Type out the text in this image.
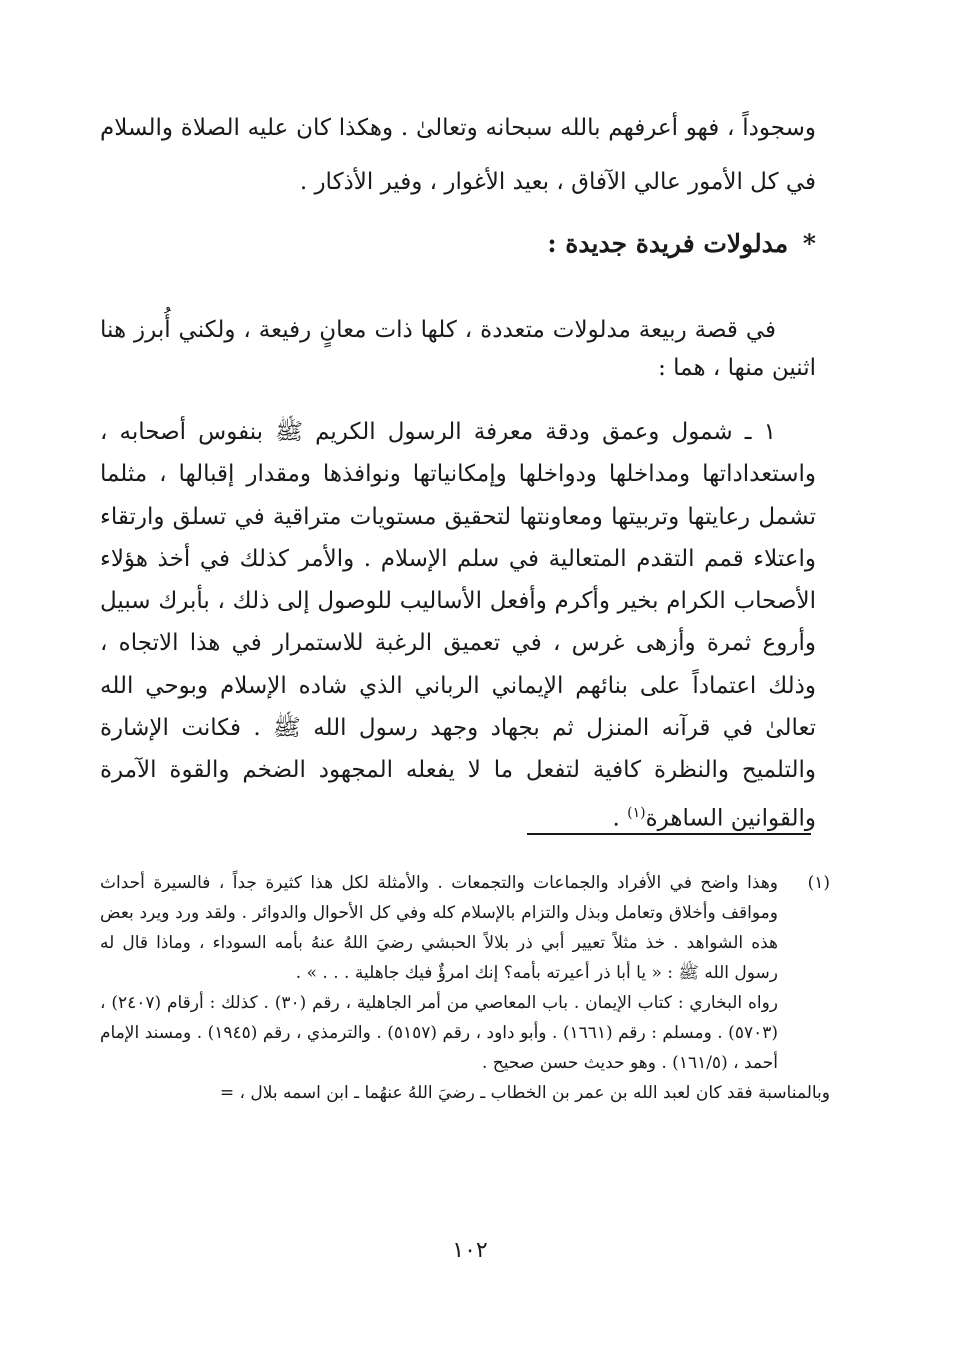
وسجوداً ، فهو أعرفهم بالله سبحانه وتعالىٰ . وهكذا كان عليه الصلاة والسلام في كل الأمور عالي الآفاق ، بعيد الأغوار ، وفير الأذكار .

* مدلولات فريدة جديدة :

في قصة ربيعة مدلولات متعددة ، كلها ذات معانٍ رفيعة ، ولكني أُبرز هنا اثنين منها ، هما :

١ ـ شمول وعمق ودقة معرفة الرسول الكريم ﷺ بنفوس أصحابه ، واستعداداتها ومداخلها ودواخلها وإمكانياتها ونوافذها ومقدار إقبالها ، مثلما تشمل رعايتها وتربيتها ومعاونتها لتحقيق مستويات متراقية في تسلق وارتقاء واعتلاء قمم التقدم المتعالية في سلم الإسلام . والأمر كذلك في أخذ هؤلاء الأصحاب الكرام بخير وأكرم وأفعل الأساليب للوصول إلى ذلك ، بأبرك سبيل وأروع ثمرة وأزهى غرس ، في تعميق الرغبة للاستمرار في هذا الاتجاه ، وذلك اعتماداً على بنائهم الإيماني الرباني الذي شاده الإسلام وبوحي الله تعالىٰ في قرآنه المنزل ثم بجهاد وجهد رسول الله ﷺ . فكانت الإشارة والتلميح والنظرة كافية لتفعل ما لا يفعله المجهود الضخم والقوة الآمرة والقوانين الساهرة$^{(١)}$ .

(١)

وهذا واضح في الأفراد والجماعات والتجمعات . والأمثلة لكل هذا كثيرة جداً ، فالسيرة أحداث ومواقف وأخلاق وتعامل وبذل والتزام بالإسلام كله وفي كل الأحوال والدوائر . ولقد ورد ويرد بعض هذه الشواهد . خذ مثلاً تعيير أبي ذر بلالاً الحبشي رضيَ اللهُ عنهُ بأمه السوداء ، وماذا قال له رسول الله ﷺ : « يا أبا ذر أعيرته بأمه؟ إنك امرؤٌ فيك جاهلية . . . » .

رواه البخاري : كتاب الإيمان . باب المعاصي من أمر الجاهلية ، رقم (٣٠) . كذلك : أرقام (٢٤٠٧) ، (٥٧٠٣) . ومسلم : رقم (١٦٦١) . وأبو داود ، رقم (٥١٥٧) . والترمذي ، رقم (١٩٤٥) . ومسند الإمام أحمد ، (١٦١/٥) . وهو حديث حسن صحيح .

وبالمناسبة فقد كان لعبد الله بن عمر بن الخطاب ـ رضيَ اللهُ عنهُما ـ ابن اسمه بلال ، =

١٠٢
